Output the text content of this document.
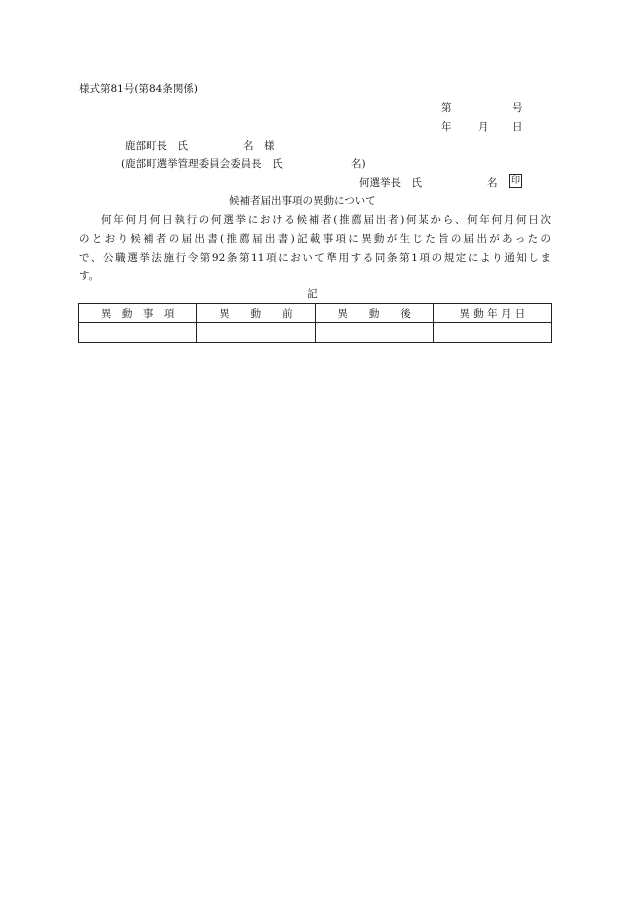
様式第81号(第84条関係)
第	号
年	月 日
鹿部町長　氏	名　様
(鹿部町選挙管理委員会委員長　氏	名)
何選挙長　氏	名 印
候補者届出事項の異動について
何年何月何日執行の何選挙における候補者(推薦届出者)何某から、何年何月何日次
のとおり候補者の届出書(推薦届出書)記載事項に異動が生じた旨の届出があったの
で、公職選挙法施行令第92条第11項において準用する同条第1項の規定により通知しま
す。
記
異　動　事　項	異　　動　　前	異　　動　　後	異 動 年 月 日
